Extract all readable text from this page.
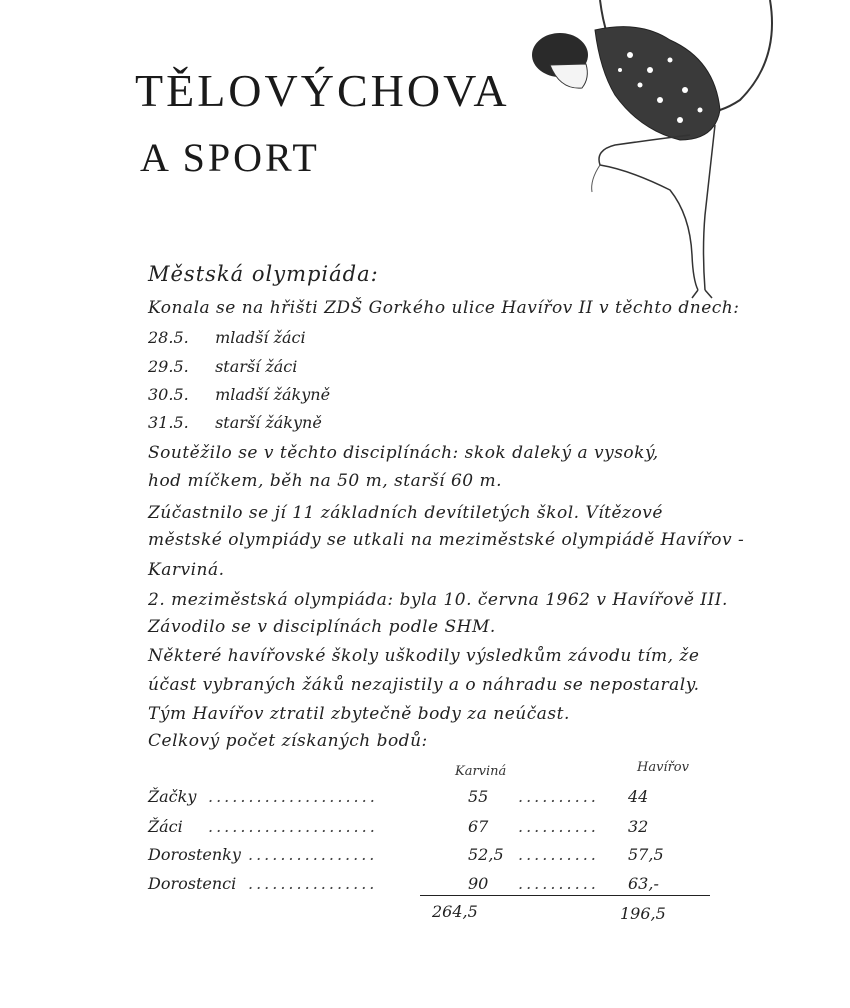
TĚLOVÝCHOVA
A SPORT
Městská olympiáda:
Konala se na hřišti ZDŠ Gorkého ulice Havířov II v těchto dnech:
28.5. mladší žáci
29.5. starší žáci
30.5. mladší žákyně
31.5. starší žákyně
Soutěžilo se v těchto disciplínách: skok daleký a vysoký,
hod míčkem, běh na 50 m, starší 60 m.
Zúčastnilo se jí 11 základních devítiletých škol. Vítězové
městské olympiády se utkali na meziměstské olympiádě Havířov -
Karviná.
2. meziměstská olympiáda: byla 10. června 1962 v Havířově III.
Závodilo se v disciplínách podle SHM.
Některé havířovské školy uškodily výsledkům závodu tím, že
účast vybraných žáků nezajistily a o náhradu se nepostaraly.
Tým Havířov ztratil zbytečně body za neúčast.
Celkový počet získaných bodů:
Karviná	Havířov
Žačky .....................	55 .......... 44
Žáci .....................	67 .......... 32
Dorostenky ................	52,5 .......... 57,5
Dorostenci ................	90 .......... 63,-
264,5	196,5
